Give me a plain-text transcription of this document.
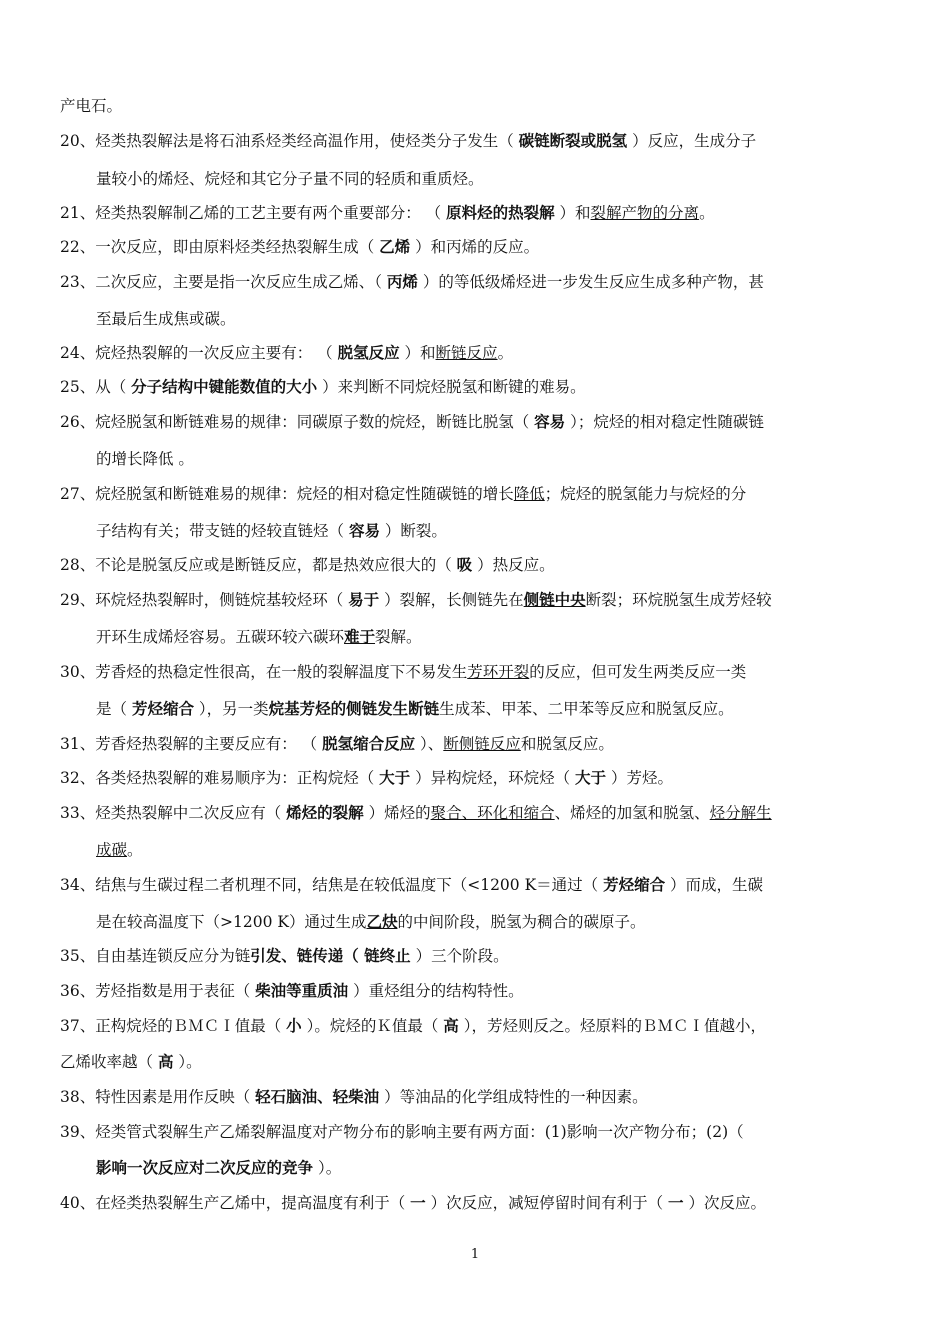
产电石。
20、烃类热裂解法是将石油系烃类经高温作用，使烃类分子发生（ 碳链断裂或脱氢 ）反应，生成分子
量较小的烯烃、烷烃和其它分子量不同的轻质和重质烃。
21、烃类热裂解制乙烯的工艺主要有两个重要部分： （ 原料烃的热裂解 ）和裂解产物的分离。
22、一次反应，即由原料烃类经热裂解生成（ 乙烯 ）和丙烯的反应。
23、二次反应，主要是指一次反应生成乙烯、（ 丙烯 ）的等低级烯烃进一步发生反应生成多种产物，甚
至最后生成焦或碳。
24、烷烃热裂解的一次反应主要有： （ 脱氢反应 ）和断链反应。
25、从（ 分子结构中键能数值的大小 ）来判断不同烷烃脱氢和断键的难易。
26、烷烃脱氢和断链难易的规律：同碳原子数的烷烃，断链比脱氢（ 容易 ）；烷烃的相对稳定性随碳链
的增长降低 。
27、烷烃脱氢和断链难易的规律：烷烃的相对稳定性随碳链的增长降低；烷烃的脱氢能力与烷烃的分
子结构有关；带支链的烃较直链烃（ 容易 ）断裂。
28、不论是脱氢反应或是断链反应，都是热效应很大的（ 吸 ）热反应。
29、环烷烃热裂解时，侧链烷基较烃环（ 易于 ）裂解，长侧链先在侧链中央断裂；环烷脱氢生成芳烃较
开环生成烯烃容易。五碳环较六碳环难于裂解。
30、芳香烃的热稳定性很高，在一般的裂解温度下不易发生芳环开裂的反应，但可发生两类反应一类
是（ 芳烃缩合 ），另一类烷基芳烃的侧链发生断链生成苯、甲苯、二甲苯等反应和脱氢反应。
31、芳香烃热裂解的主要反应有： （ 脱氢缩合反应 ）、断侧链反应和脱氢反应。
32、各类烃热裂解的难易顺序为：正构烷烃（ 大于 ）异构烷烃，环烷烃（ 大于 ）芳烃。
33、烃类热裂解中二次反应有（ 烯烃的裂解 ）烯烃的聚合、环化和缩合、烯烃的加氢和脱氢、烃分解生
成碳。
34、结焦与生碳过程二者机理不同，结焦是在较低温度下（<1200 K＝通过（ 芳烃缩合 ）而成，生碳
是在较高温度下（>1200 K）通过生成乙炔的中间阶段，脱氢为稠合的碳原子。
35、自由基连锁反应分为链引发、链传递（ 链终止 ）三个阶段。
36、芳烃指数是用于表征（ 柴油等重质油 ）重烃组分的结构特性。
37、正构烷烃的ＢＭＣＩ值最（ 小 ）。烷烃的Ｋ值最（ 高 ），芳烃则反之。烃原料的ＢＭＣＩ值越小，
乙烯收率越（ 高 ）。
38、特性因素是用作反映（ 轻石脑油、轻柴油 ）等油品的化学组成特性的一种因素。
39、烃类管式裂解生产乙烯裂解温度对产物分布的影响主要有两方面：(1)影响一次产物分布；(2)（
影响一次反应对二次反应的竞争 ）。
40、在烃类热裂解生产乙烯中，提高温度有利于（ 一 ）次反应，减短停留时间有利于（ 一 ）次反应。
1
